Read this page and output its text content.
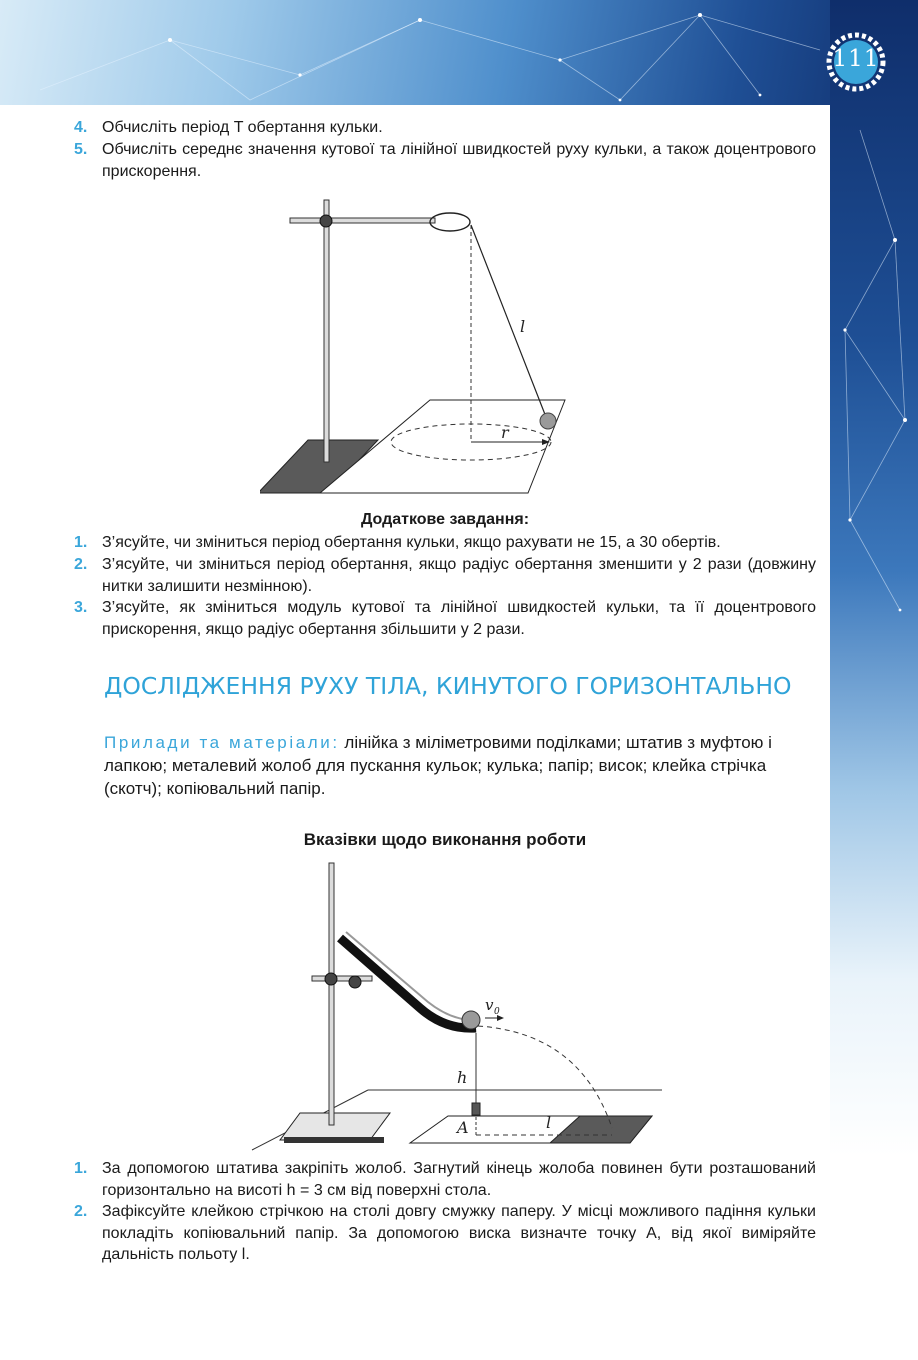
111
4. Обчисліть період T обертання кульки.
5. Обчисліть середнє значення кутової та лінійної швидкостей руху кульки, а також доцентрового прискорення.
l
r
Додаткове завдання:
1. З’ясуйте, чи зміниться період обертання кульки, якщо рахувати не 15, а 30 обертів.
2. З’ясуйте, чи зміниться період обертання, якщо радіус обертання зменшити у 2 рази (довжину нитки залишити незмінною).
3. З’ясуйте, як зміниться модуль кутової та лінійної швидкостей кульки, та її доцентрового прискорення, якщо радіус обертання збільшити у 2 рази.
ДОСЛІДЖЕННЯ РУХУ ТІЛА, КИНУТОГО ГОРИЗОНТАЛЬНО
Прилади та матеріали: лінійка з міліметровими поділками; штатив з муфтою і лапкою; металевий жолоб для пускання кульок; кулька; папір; висок; клейка стрічка (скотч); копіювальний папір.
Вказівки щодо виконання роботи
v 0
h
A	l
1. За допомогою штатива закріпіть жолоб. Загнутий кінець жолоба повинен бути розташований горизонтально на висоті h = 3 см від поверхні стола.
2. Зафіксуйте клейкою стрічкою на столі довгу смужку паперу. У місці можливого падіння кульки покладіть копіювальний папір. За допомогою виска визначте точку A, від якої виміряйте дальність польоту l.
